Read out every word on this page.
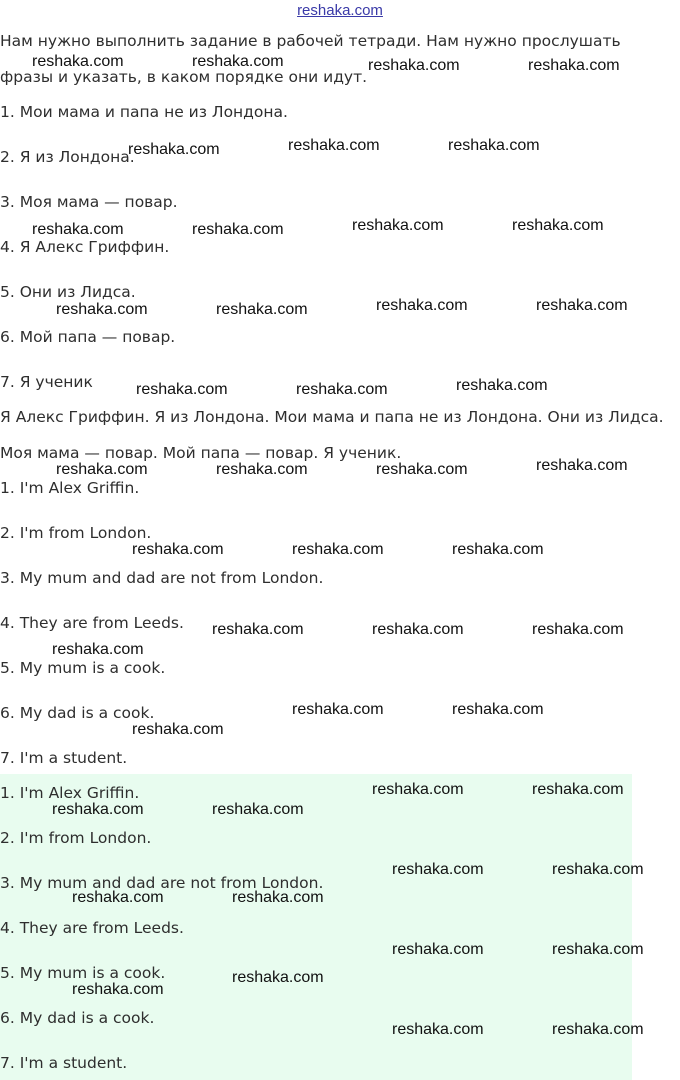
reshaka.com
Нам нужно выполнить задание в рабочей тетради. Нам нужно прослушать
фразы и указать, в каком порядке они идут.
1. Мои мама и папа не из Лондона.
2. Я из Лондона.
3. Моя мама — повар.
4. Я Алекс Гриффин.
5. Они из Лидса.
6. Мой папа — повар.
7. Я ученик
Я Алекс Гриффин. Я из Лондона. Мои мама и папа не из Лондона. Они из Лидса.
Моя мама — повар. Мой папа — повар. Я ученик.
1. I'm Alex Griffin.
2. I'm from London.
3. My mum and dad are not from London.
4. They are from Leeds.
5. My mum is a cook.
6. My dad is a cook.
7. I'm a student.
1. I'm Alex Griffin.
2. I'm from London.
3. My mum and dad are not from London.
4. They are from Leeds.
5. My mum is a cook.
6. My dad is a cook.
7. I'm a student.
reshaka.com	reshaka.com	reshaka.com	reshaka.com
reshaka.com	reshaka.com	reshaka.com
reshaka.com	reshaka.com	reshaka.com	reshaka.com
reshaka.com	reshaka.com	reshaka.com	reshaka.com
reshaka.com	reshaka.com	reshaka.com
reshaka.com	reshaka.com	reshaka.com	reshaka.com
reshaka.com	reshaka.com	reshaka.com
reshaka.com	reshaka.com	reshaka.com
reshaka.com
reshaka.com	reshaka.com
reshaka.com
reshaka.com	reshaka.com
reshaka.com	reshaka.com
reshaka.com	reshaka.com
reshaka.com	reshaka.com
reshaka.com	reshaka.com
reshaka.com
reshaka.com
reshaka.com	reshaka.com
